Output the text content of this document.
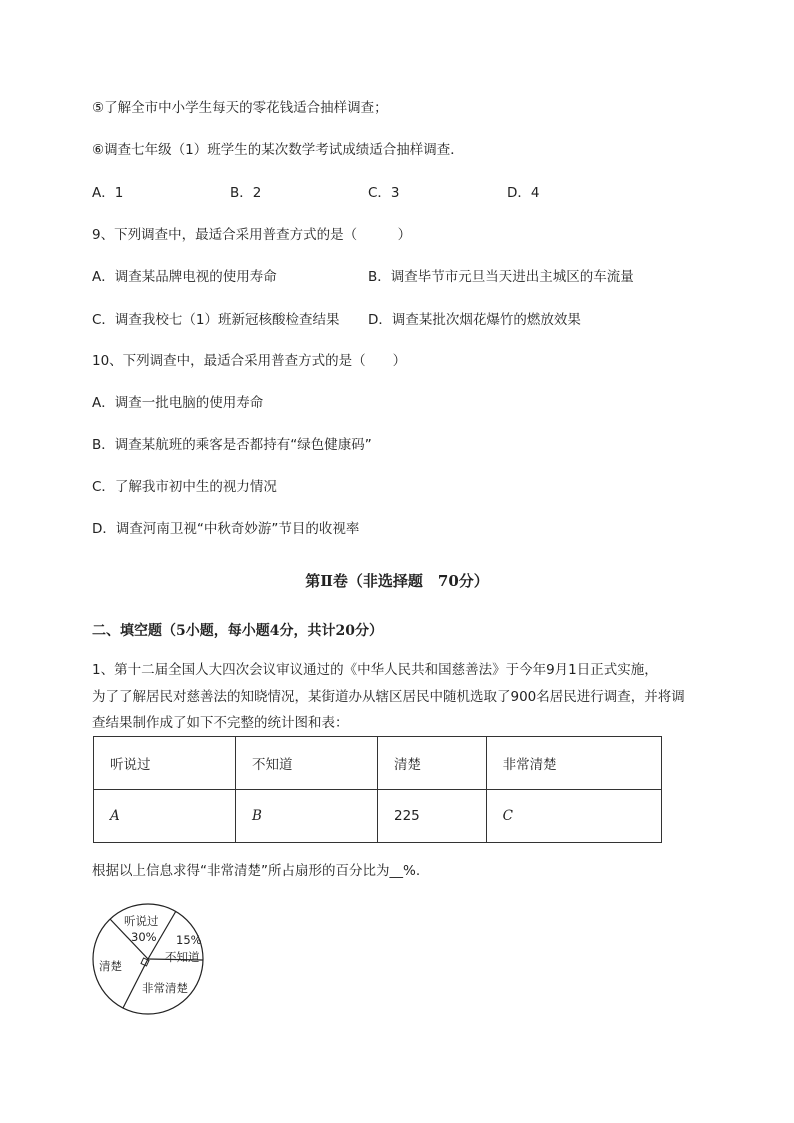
⑤了解全市中小学生每天的零花钱适合抽样调查；
⑥调查七年级（1）班学生的某次数学考试成绩适合抽样调查．
A．1	B．2	C．3	D．4
9、下列调查中，最适合采用普查方式的是（　　　）
A．调查某品牌电视的使用寿命	B．调查毕节市元旦当天进出主城区的车流量
C．调查我校七（1）班新冠核酸检查结果 D．调查某批次烟花爆竹的燃放效果
10、下列调查中，最适合采用普查方式的是（　　）
A．调查一批电脑的使用寿命
B．调查某航班的乘客是否都持有“绿色健康码”
C．了解我市初中生的视力情况
D．调查河南卫视“中秋奇妙游”节目的收视率
第Ⅱ卷（非选择题　70分）
二、填空题（5小题，每小题4分，共计20分）
1、第十二届全国人大四次会议审议通过的《中华人民共和国慈善法》于今年9月1日正式实施，
为了了解居民对慈善法的知晓情况，某街道办从辖区居民中随机选取了900名居民进行调查，并将调
查结果制作成了如下不完整的统计图和表：
听说过	不知道	清楚	非常清楚
A	B	225	C
根据以上信息求得“非常清楚”所占扇形的百分比为__%.
听说过
30% 15%
不知道
非常清楚
清楚
